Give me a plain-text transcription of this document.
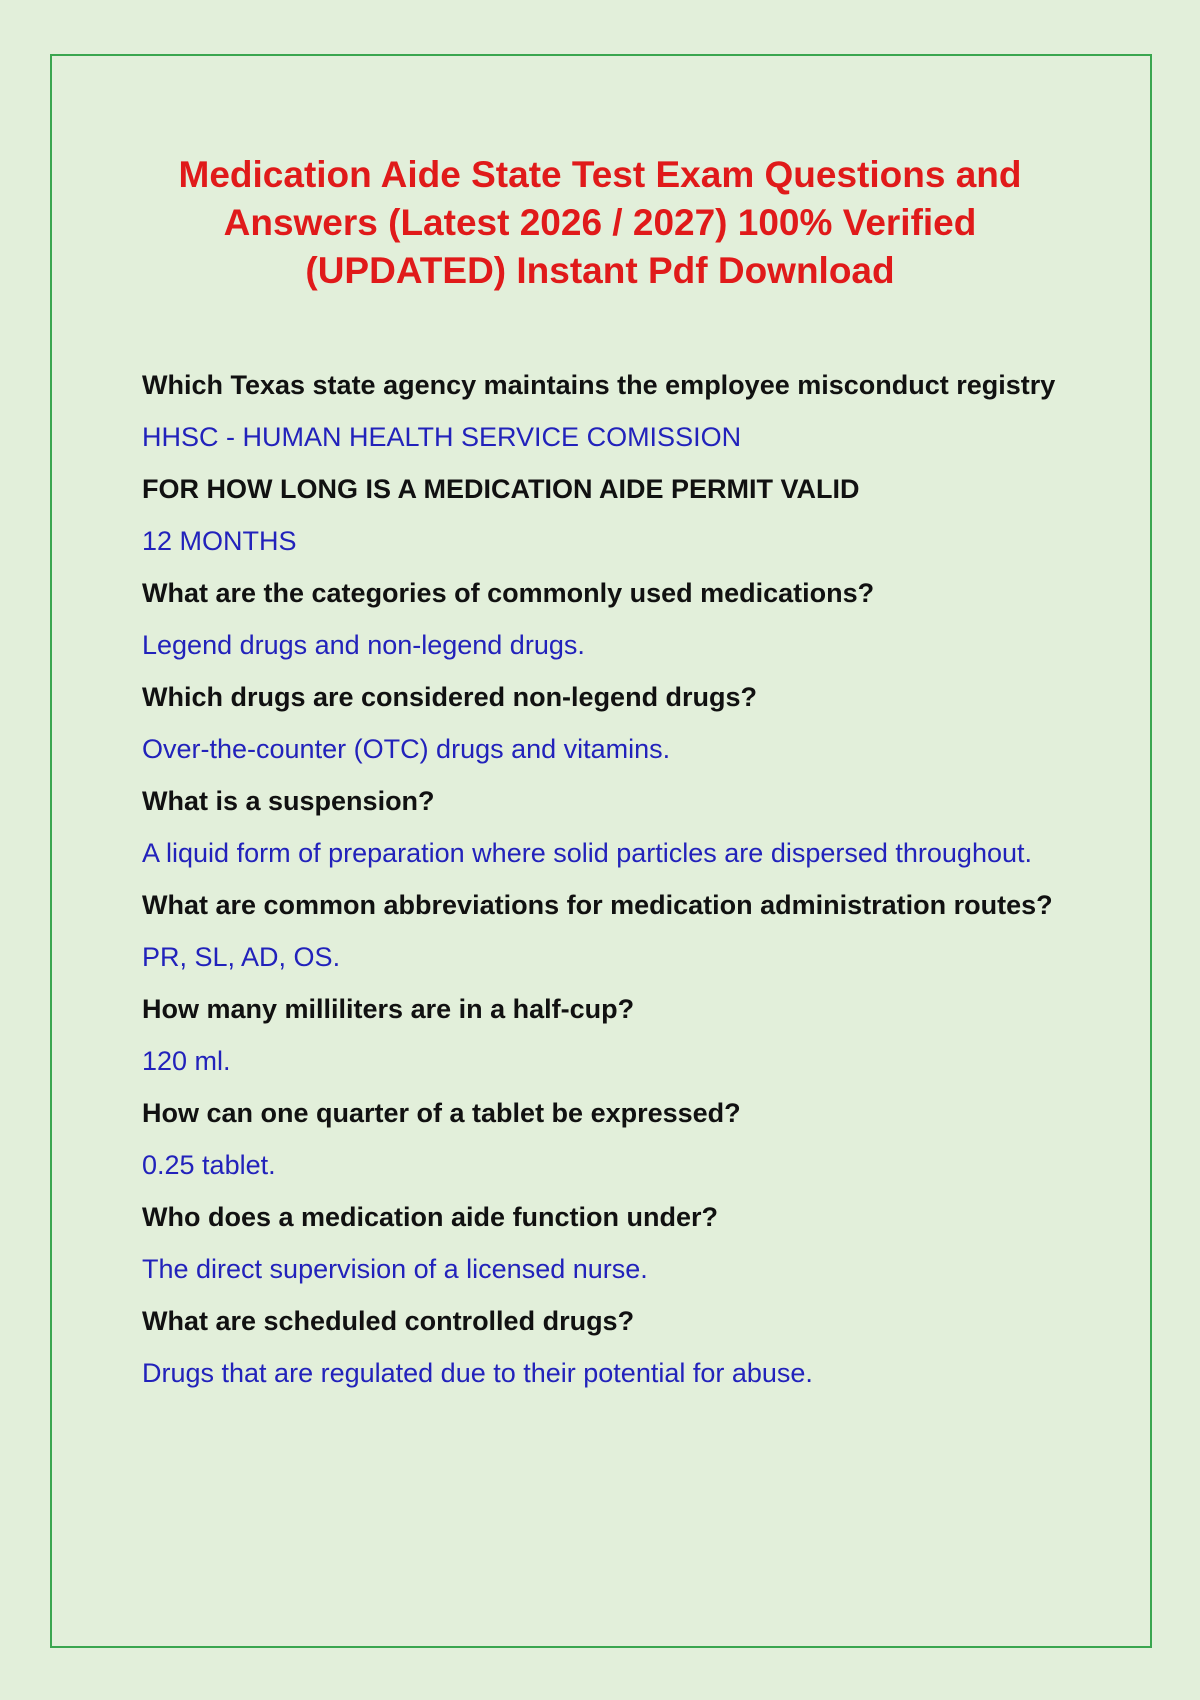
Medication Aide State Test Exam Questions and Answers (Latest 2026 / 2027) 100% Verified (UPDATED) Instant Pdf Download

Which Texas state agency maintains the employee misconduct registry

HHSC - HUMAN HEALTH SERVICE COMISSION

FOR HOW LONG IS A MEDICATION AIDE PERMIT VALID

12 MONTHS

What are the categories of commonly used medications?

Legend drugs and non-legend drugs.

Which drugs are considered non-legend drugs?

Over-the-counter (OTC) drugs and vitamins.

What is a suspension?

A liquid form of preparation where solid particles are dispersed throughout.

What are common abbreviations for medication administration routes?

PR, SL, AD, OS.

How many milliliters are in a half-cup?

120 ml.

How can one quarter of a tablet be expressed?

0.25 tablet.

Who does a medication aide function under?

The direct supervision of a licensed nurse.

What are scheduled controlled drugs?

Drugs that are regulated due to their potential for abuse.
